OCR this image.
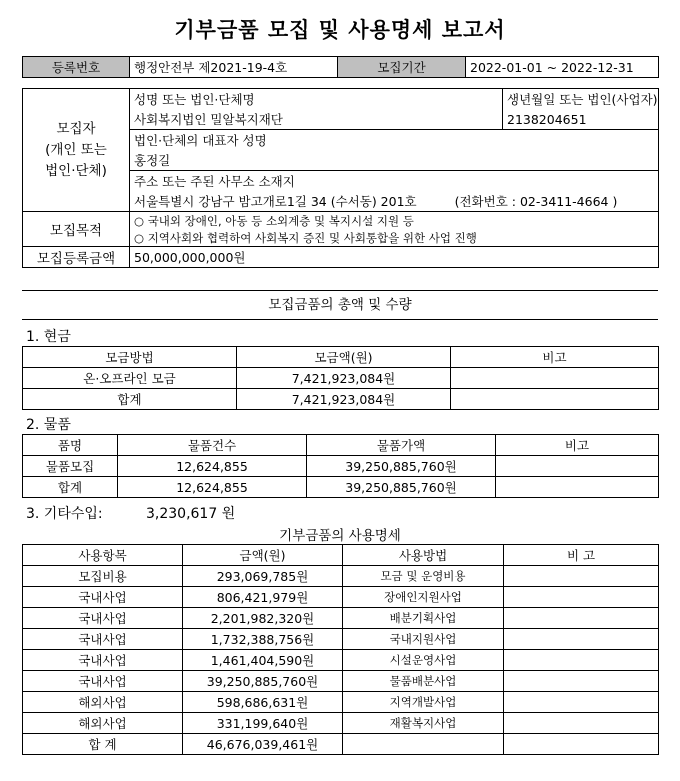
기부금품 모집 및 사용명세 보고서
등록번호	행정안전부 제2021-19-4호	모집기간	2022-01-01 ~ 2022-12-31
모집자
(개인 또는
법인·단체)	성명 또는 법인·단체명	생년월일 또는 법인(사업자)
	사회복지법인 밀알복지재단	2138204651
	법인·단체의 대표자 성명	
	홍정길	
	주소 또는 주된 사무소 소재지	
	서울특별시 강남구 밤고개로1길 34 (수서동) 201호 (전화번호 : 02-3411-4664 )	
모집목적	○ 국내외 장애인, 아동 등 소외계층 및 복지시설 지원 등	
	○ 지역사회와 협력하여 사회복지 증진 및 사회통합을 위한 사업 진행	
모집등록금액	50,000,000,000원	
모집금품의 총액 및 수량
1. 현금
모금방법	모금액(원)	비고
온·오프라인 모금	7,421,923,084원	
합계	7,421,923,084원	
2. 물품
품명	물품건수	물품가액	비고
물품모집	12,624,855	39,250,885,760원	
합계	12,624,855	39,250,885,760원	
3. 기타수입:	3,230,617 원
기부금품의 사용명세
사용항목	금액(원)	사용방법	비 고
모집비용	293,069,785원	모금 및 운영비용	
국내사업	806,421,979원	장애인지원사업	
국내사업	2,201,982,320원	배분기획사업	
국내사업	1,732,388,756원	국내지원사업	
국내사업	1,461,404,590원	시설운영사업	
국내사업	39,250,885,760원	물품배분사업	
해외사업	598,686,631원	지역개발사업	
해외사업	331,199,640원	재활복지사업	
합 계	46,676,039,461원		
